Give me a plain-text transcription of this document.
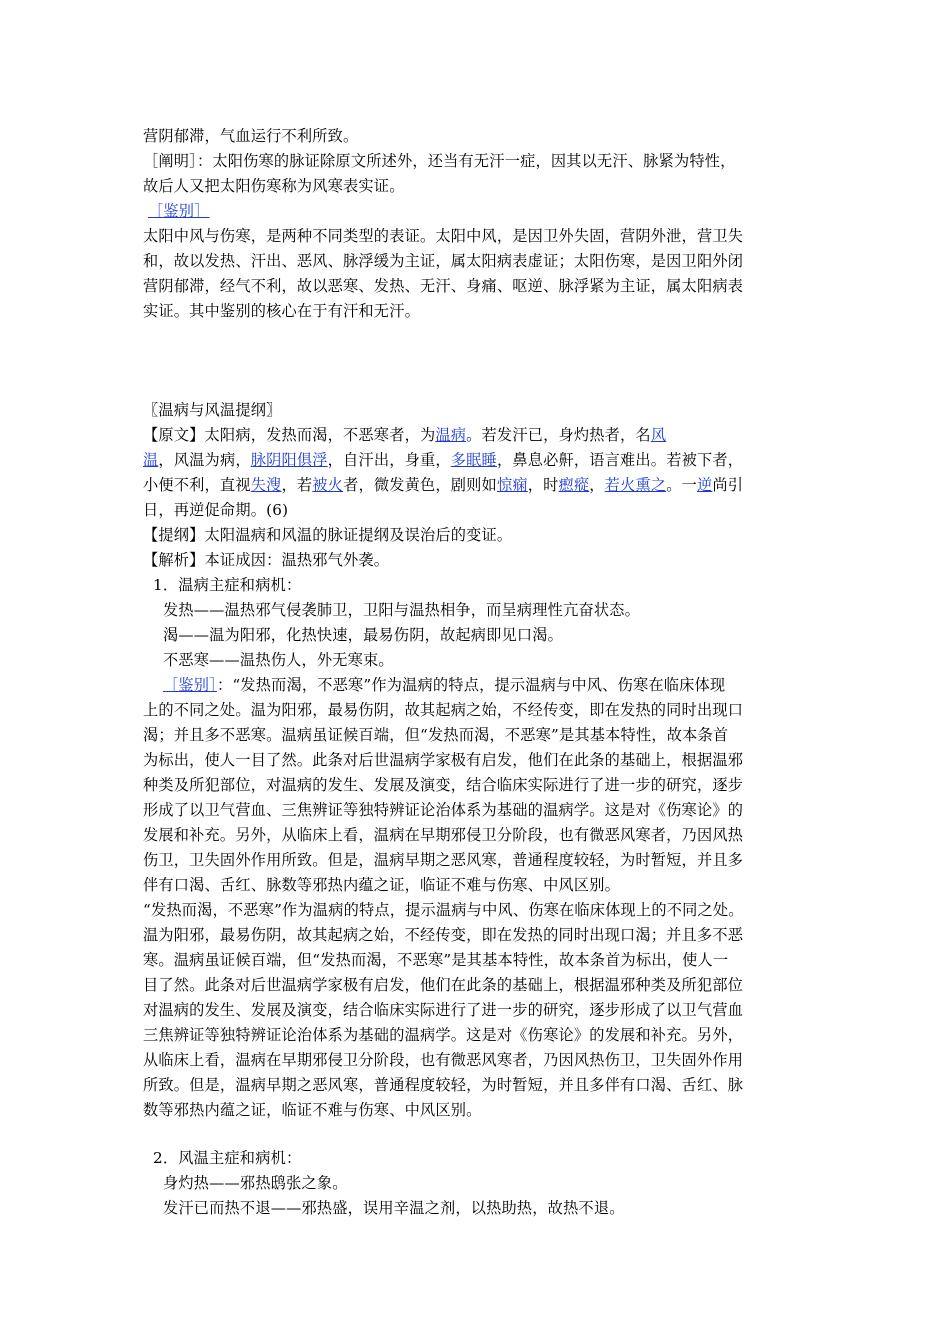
营阴郁滞，气血运行不利所致。

［阐明］：太阳伤寒的脉证除原文所述外，还当有无汗一症，因其以无汗、脉紧为特性，

故后人又把太阳伤寒称为风寒表实证。

［鉴别］

太阳中风与伤寒，是两种不同类型的表证。太阳中风，是因卫外失固，营阴外泄，营卫失

和，故以发热、汗出、恶风、脉浮缓为主证，属太阳病表虚证；太阳伤寒，是因卫阳外闭

营阴郁滞，经气不利，故以恶寒、发热、无汗、身痛、呕逆、脉浮紧为主证，属太阳病表

实证。其中鉴别的核心在于有汗和无汗。

〖温病与风温提纲〗

【原文】太阳病，发热而渴，不恶寒者，为温病。若发汗已，身灼热者，名风

温，风温为病，脉阴阳俱浮，自汗出，身重，多眠睡，鼻息必鼾，语言难出。若被下者，

小便不利，直视失溲，若被火者，微发黄色，剧则如惊痫，时瘛瘲，若火熏之。一逆尚引

日，再逆促命期。(6)

【提纲】太阳温病和风温的脉证提纲及误治后的变证。

【解析】本证成因：温热邪气外袭。

1．温病主症和病机：

发热——温热邪气侵袭肺卫，卫阳与温热相争，而呈病理性亢奋状态。

渴——温为阳邪，化热快速，最易伤阴，故起病即见口渴。

不恶寒——温热伤人，外无寒束。

［鉴别］：“发热而渴，不恶寒”作为温病的特点，提示温病与中风、伤寒在临床体现

上的不同之处。温为阳邪，最易伤阴，故其起病之始，不经传变，即在发热的同时出现口

渴；并且多不恶寒。温病虽证候百端，但“发热而渴，不恶寒”是其基本特性，故本条首

为标出，使人一目了然。此条对后世温病学家极有启发，他们在此条的基础上，根据温邪

种类及所犯部位，对温病的发生、发展及演变，结合临床实际进行了进一步的研究，逐步

形成了以卫气营血、三焦辨证等独特辨证论治体系为基础的温病学。这是对《伤寒论》的

发展和补充。另外，从临床上看，温病在早期邪侵卫分阶段，也有微恶风寒者，乃因风热

伤卫，卫失固外作用所致。但是，温病早期之恶风寒，普通程度较轻，为时暂短，并且多

伴有口渴、舌红、脉数等邪热内蕴之证，临证不难与伤寒、中风区别。

“发热而渴，不恶寒”作为温病的特点，提示温病与中风、伤寒在临床体现上的不同之处。

温为阳邪，最易伤阴，故其起病之始，不经传变，即在发热的同时出现口渴；并且多不恶

寒。温病虽证候百端，但“发热而渴，不恶寒”是其基本特性，故本条首为标出，使人一

目了然。此条对后世温病学家极有启发，他们在此条的基础上，根据温邪种类及所犯部位

对温病的发生、发展及演变，结合临床实际进行了进一步的研究，逐步形成了以卫气营血

三焦辨证等独特辨证论治体系为基础的温病学。这是对《伤寒论》的发展和补充。另外，

从临床上看，温病在早期邪侵卫分阶段，也有微恶风寒者，乃因风热伤卫，卫失固外作用

所致。但是，温病早期之恶风寒，普通程度较轻，为时暂短，并且多伴有口渴、舌红、脉

数等邪热内蕴之证，临证不难与伤寒、中风区别。

2．风温主症和病机：

身灼热——邪热鸱张之象。

发汗已而热不退——邪热盛，误用辛温之剂，以热助热，故热不退。
